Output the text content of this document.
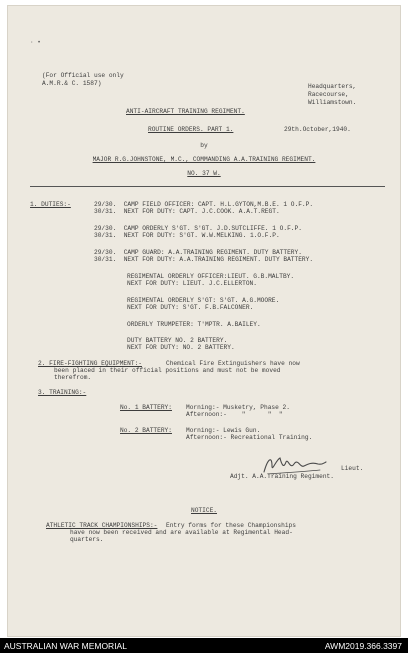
· •
(For Official use only
A.M.R.& C. 1587)	Headquarters,
Racecourse,
Williamstown.
ANTI-AIRCRAFT TRAINING REGIMENT.
ROUTINE ORDERS. PART 1.	29th.October,1940.
by
MAJOR R.G.JOHNSTONE, M.C., COMMANDING A.A.TRAINING REGIMENT.
NO. 37 W.
1. DUTIES:-	29/30.  CAMP FIELD OFFICER: CAPT. H.L.GYTON,M.B.E. 1 O.F.P.
30/31.  NEXT FOR DUTY: CAPT. J.C.COOK. A.A.T.REGT.
29/30.  CAMP ORDERLY S'GT. S'GT. J.D.SUTCLIFFE. 1 O.F.P.
30/31.  NEXT FOR DUTY: S'GT. W.W.MELKING. 1.O.F.P.
29/30.  CAMP GUARD: A.A.TRAINING REGIMENT. DUTY BATTERY.
30/31.  NEXT FOR DUTY: A.A.TRAINING REGIMENT. DUTY BATTERY.
REGIMENTAL ORDERLY OFFICER:LIEUT. G.B.MALTBY.
NEXT FOR DUTY: LIEUT. J.C.ELLERTON.
REGIMENTAL ORDERLY S'GT: S'GT. A.G.MOORE.
NEXT FOR DUTY: S'GT. F.B.FALCONER.
ORDERLY TRUMPETER: T'MPTR. A.BAILEY.
DUTY BATTERY NO. 2 BATTERY.
NEXT FOR DUTY: NO. 2 BATTERY.
2. FIRE-FIGHTING EQUIPMENT:-	Chemical Fire Extinguishers have now
been placed in their official positions and must not be moved
therefrom.
3. TRAINING:-
No. 1 BATTERY: Morning:- Musketry, Phase 2.
Afternoon:-    "      "  "
No. 2 BATTERY: Morning:- Lewis Gun.
Afternoon:- Recreational Training.
Lieut.
Adjt. A.A.Training Regiment.
NOTICE.
ATHLETIC TRACK CHAMPIONSHIPS:- Entry forms for these Championships
have now been received and are available at Regimental Head-
quarters.
AUSTRALIAN WAR MEMORIAL	AWM2019.366.3397
